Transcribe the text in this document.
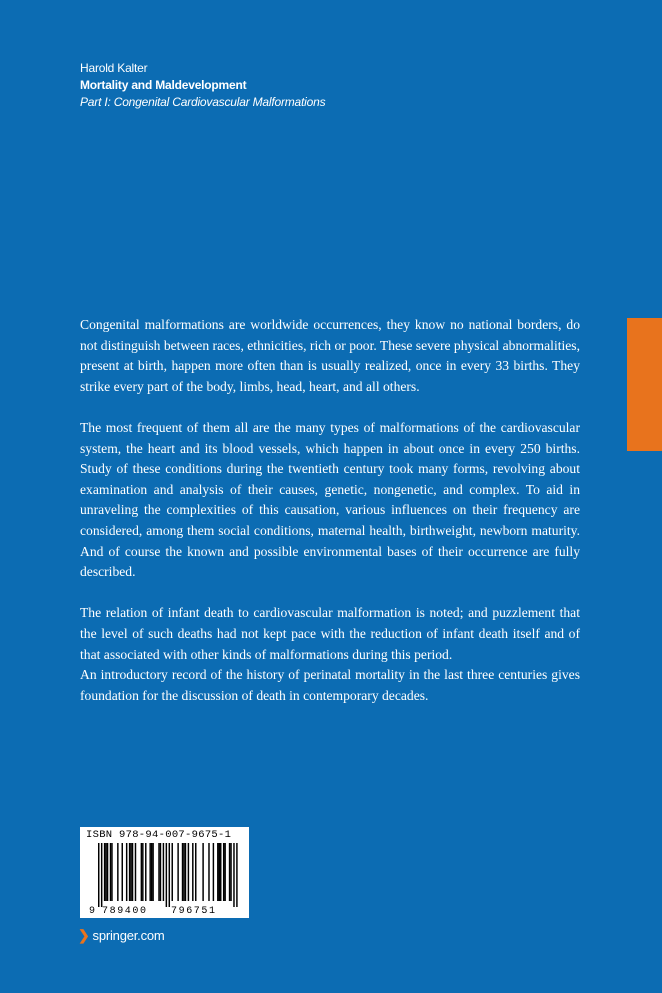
Harold Kalter
Mortality and Maldevelopment
Part I: Congenital Cardiovascular Malformations

Congenital malformations are worldwide occurrences, they know no national borders, do not distinguish between races, ethnicities, rich or poor. These severe physical abnormalities, present at birth, happen more often than is usually realized, once in every 33 births. They strike every part of the body, limbs, head, heart, and all others.

The most frequent of them all are the many types of malformations of the cardiovascular system, the heart and its blood vessels, which happen in about once in every 250 births. Study of these conditions during the twentieth century took many forms, revolving about examination and analysis of their causes, genetic, nongenetic, and complex. To aid in unraveling the complexities of this causation, various influences on their frequency are considered, among them social conditions, maternal health, birthweight, newborn maturity. And of course the known and possible environmental bases of their occurrence are fully described.

The relation of infant death to cardiovascular malformation is noted; and puzzlement that the level of such deaths had not kept pace with the reduction of infant death itself and of that associated with other kinds of malformations during this period.

An introductory record of the history of perinatal mortality in the last three centuries gives foundation for the discussion of death in contemporary decades.

ISBN 978-94-007-9675-1
9 789400 796751
❯ springer.com
